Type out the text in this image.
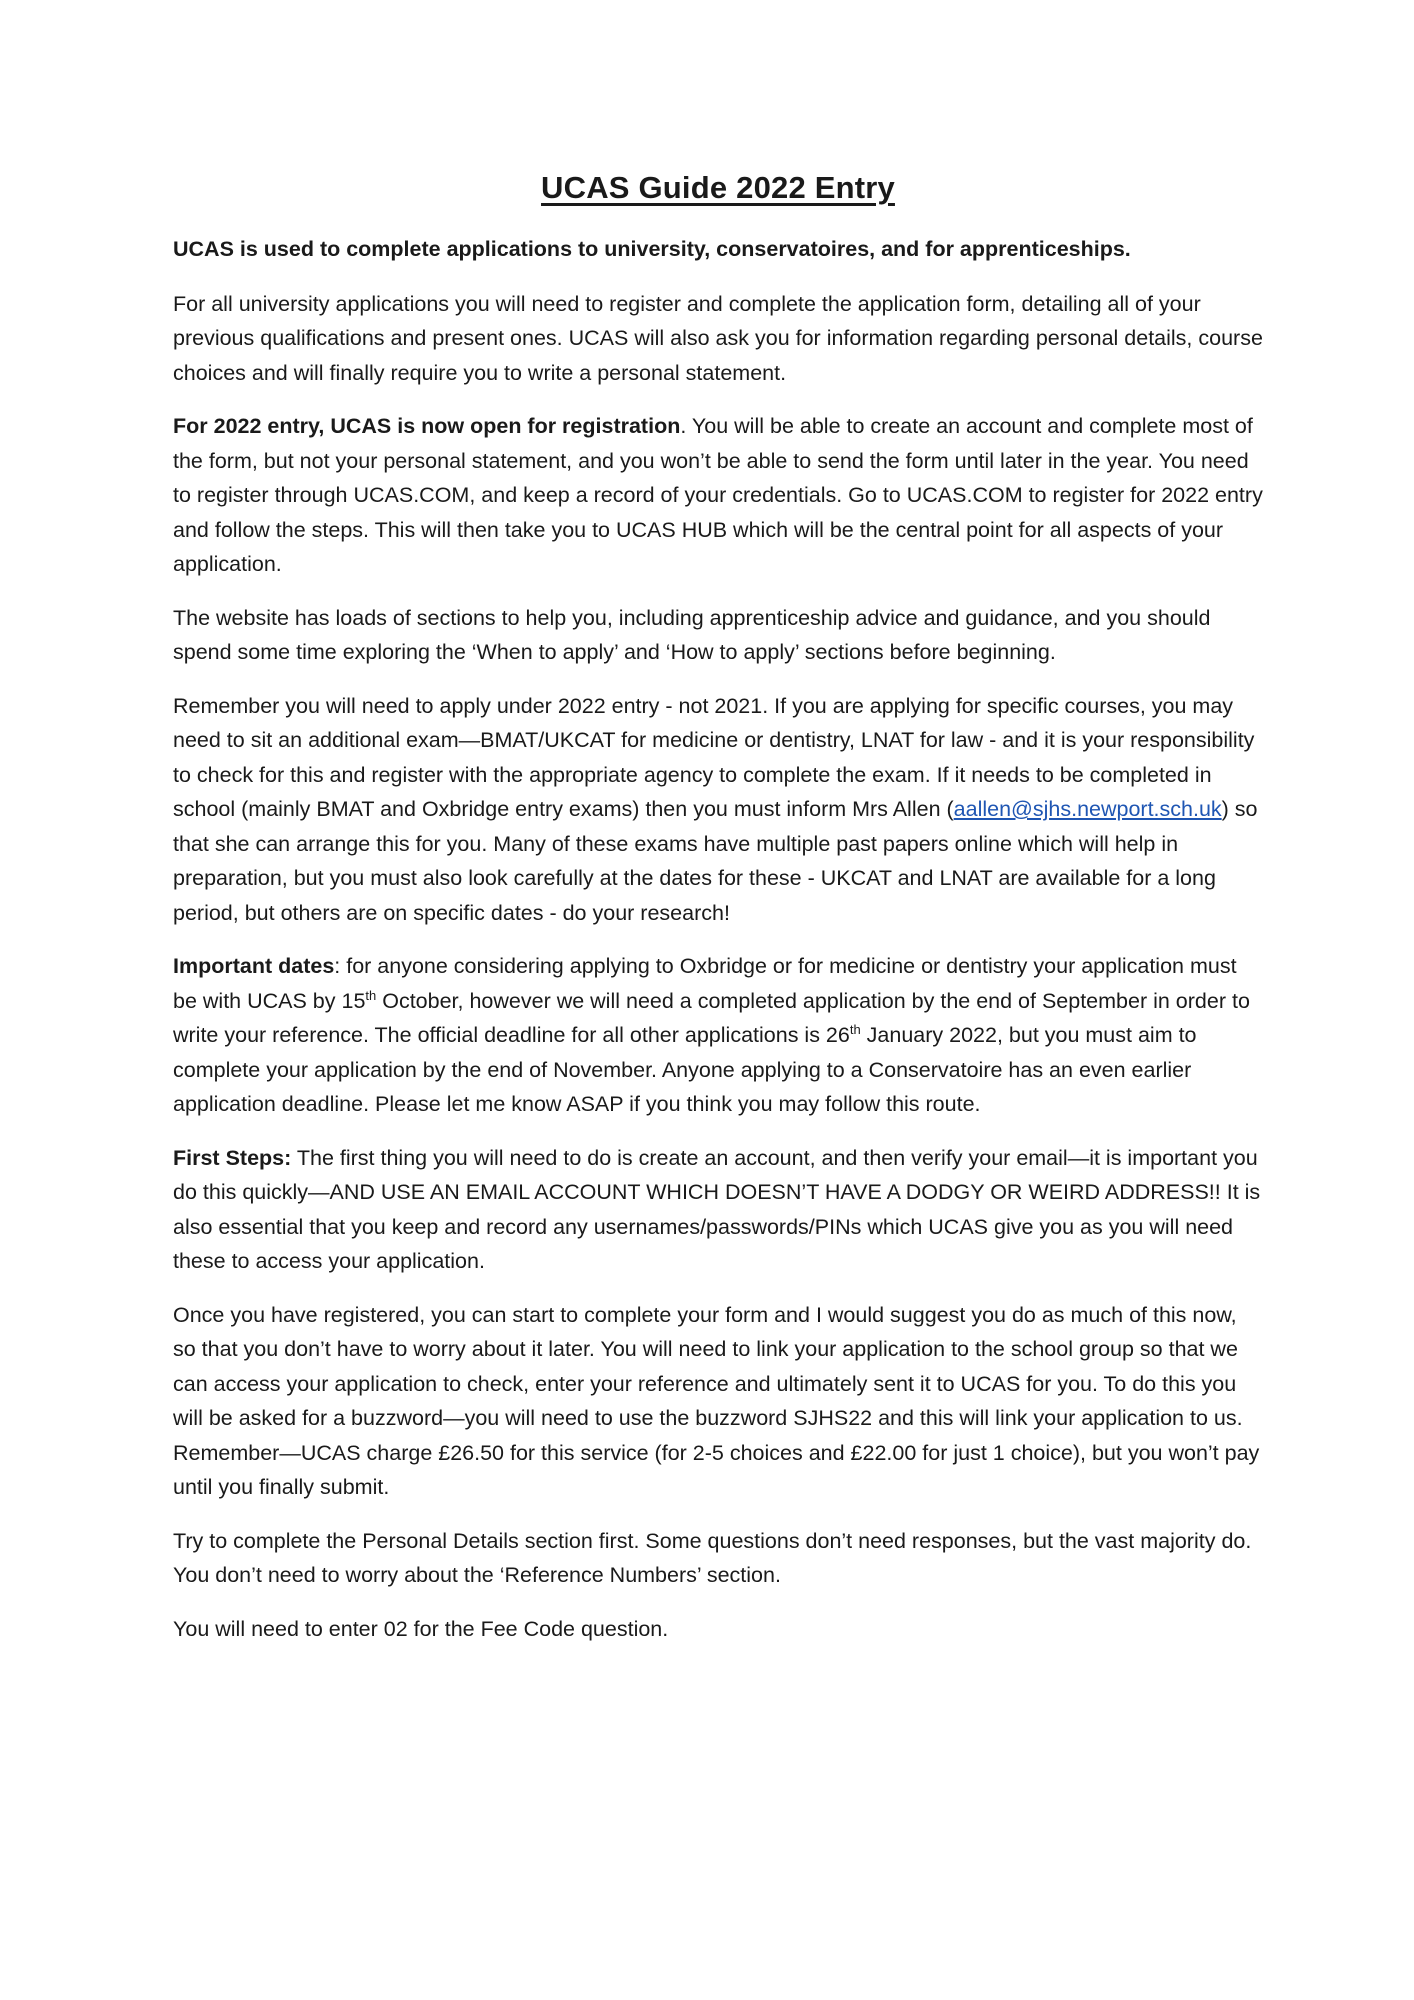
UCAS Guide 2022 Entry

UCAS is used to complete applications to university, conservatoires, and for apprenticeships.

For all university applications you will need to register and complete the application form, detailing all of your previous qualifications and present ones. UCAS will also ask you for information regarding personal details, course choices and will finally require you to write a personal statement.

For 2022 entry, UCAS is now open for registration. You will be able to create an account and complete most of the form, but not your personal statement, and you won’t be able to send the form until later in the year. You need to register through UCAS.COM, and keep a record of your credentials. Go to UCAS.COM to register for 2022 entry and follow the steps. This will then take you to UCAS HUB which will be the central point for all aspects of your application.

The website has loads of sections to help you, including apprenticeship advice and guidance, and you should spend some time exploring the ‘When to apply’ and ‘How to apply’ sections before beginning.

Remember you will need to apply under 2022 entry - not 2021. If you are applying for specific courses, you may need to sit an additional exam—BMAT/UKCAT for medicine or dentistry, LNAT for law - and it is your responsibility to check for this and register with the appropriate agency to complete the exam. If it needs to be completed in school (mainly BMAT and Oxbridge entry exams) then you must inform Mrs Allen (aallen@sjhs.newport.sch.uk) so that she can arrange this for you. Many of these exams have multiple past papers online which will help in preparation, but you must also look carefully at the dates for these - UKCAT and LNAT are available for a long period, but others are on specific dates - do your research!

Important dates: for anyone considering applying to Oxbridge or for medicine or dentistry your application must be with UCAS by 15th October, however we will need a completed application by the end of September in order to write your reference. The official deadline for all other applications is 26th January 2022, but you must aim to complete your application by the end of November. Anyone applying to a Conservatoire has an even earlier application deadline. Please let me know ASAP if you think you may follow this route.

First Steps: The first thing you will need to do is create an account, and then verify your email—it is important you do this quickly—AND USE AN EMAIL ACCOUNT WHICH DOESN’T HAVE A DODGY OR WEIRD ADDRESS!! It is also essential that you keep and record any usernames/passwords/PINs which UCAS give you as you will need these to access your application.

Once you have registered, you can start to complete your form and I would suggest you do as much of this now, so that you don’t have to worry about it later. You will need to link your application to the school group so that we can access your application to check, enter your reference and ultimately sent it to UCAS for you. To do this you will be asked for a buzzword—you will need to use the buzzword SJHS22 and this will link your application to us. Remember—UCAS charge £26.50 for this service (for 2-5 choices and £22.00 for just 1 choice), but you won’t pay until you finally submit.

Try to complete the Personal Details section first. Some questions don’t need responses, but the vast majority do. You don’t need to worry about the ‘Reference Numbers’ section.

You will need to enter 02 for the Fee Code question.
